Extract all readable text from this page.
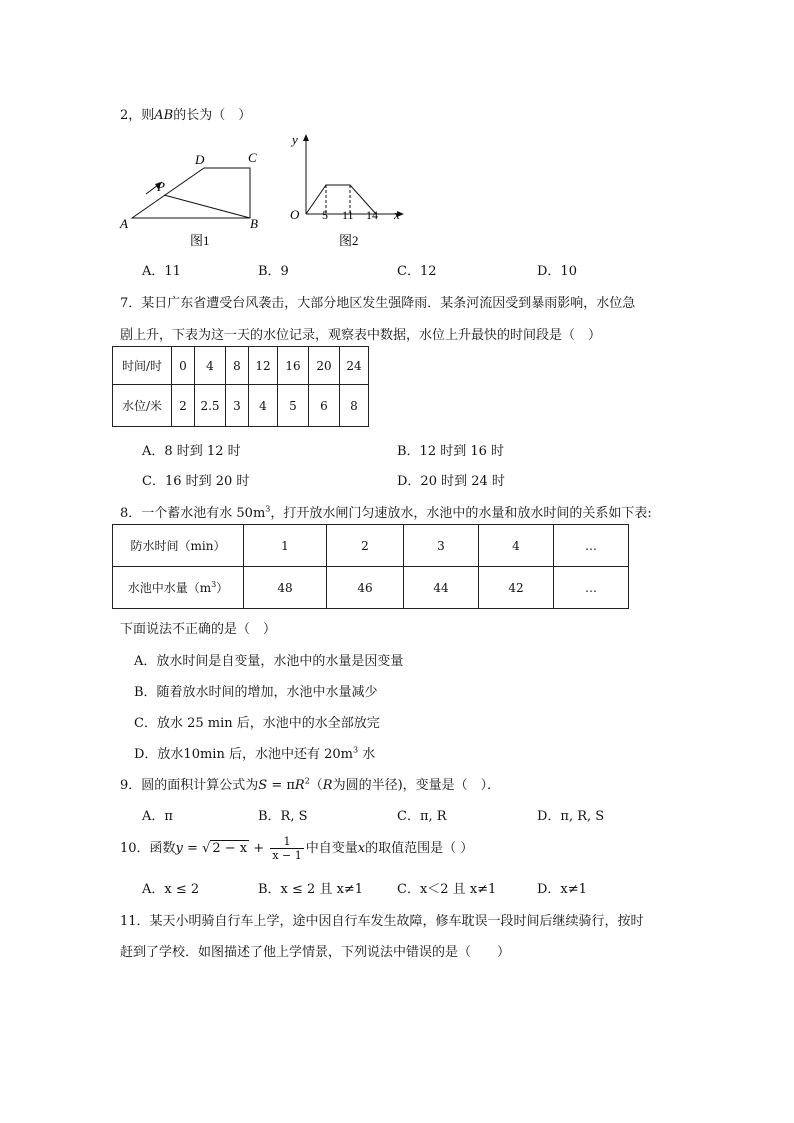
2，则AB的长为（　）
A	B
C
D
P
图1
y
O 5 11 14 x
图2
A．11	B．9	C．12	D．10
7．某日广东省遭受台风袭击，大部分地区发生强降雨．某条河流因受到暴雨影响，水位急
剧上升，下表为这一天的水位记录，观察表中数据，水位上升最快的时间段是（　）
时间/时	0	4	8	12	16	20	24
水位/米	2	2.5	3	4	5	6	8
A．8 时到 12 时	B．12 时到 16 时
C．16 时到 20 时	D．20 时到 24 时
8．一个蓄水池有水 $50m^3$，打开放水闸门匀速放水，水池中的水量和放水时间的关系如下表:
防水时间（min）	1	2	3	4	…
水池中水量$(m^3)$	48	46	44	42	…
下面说法不正确的是（　）
A．放水时间是自变量，水池中的水量是因变量
B．随着放水时间的增加，水池中水量减少
C．放水 25 min 后，水池中的水全部放完
D．放水10min 后，水池中还有 $20m^3$ 水
9．圆的面积计算公式为$S = \pi R^2(R$为圆的半径)，变量是（　）．
A．π	B．R, S	C．π, R	D．π, R, S
10．函数y = √ $2 - x + \frac{1}{x - 1}$ 中自变量x的取值范围是（ ）
A．x ≤ 2	B．x ≤ 2 且 x≠1	C．x＜2 且 x≠1	D．x≠1
11．某天小明骑自行车上学，途中因自行车发生故障，修车耽误一段时间后继续骑行，按时
赶到了学校．如图描述了他上学情景，下列说法中错误的是（　　）
